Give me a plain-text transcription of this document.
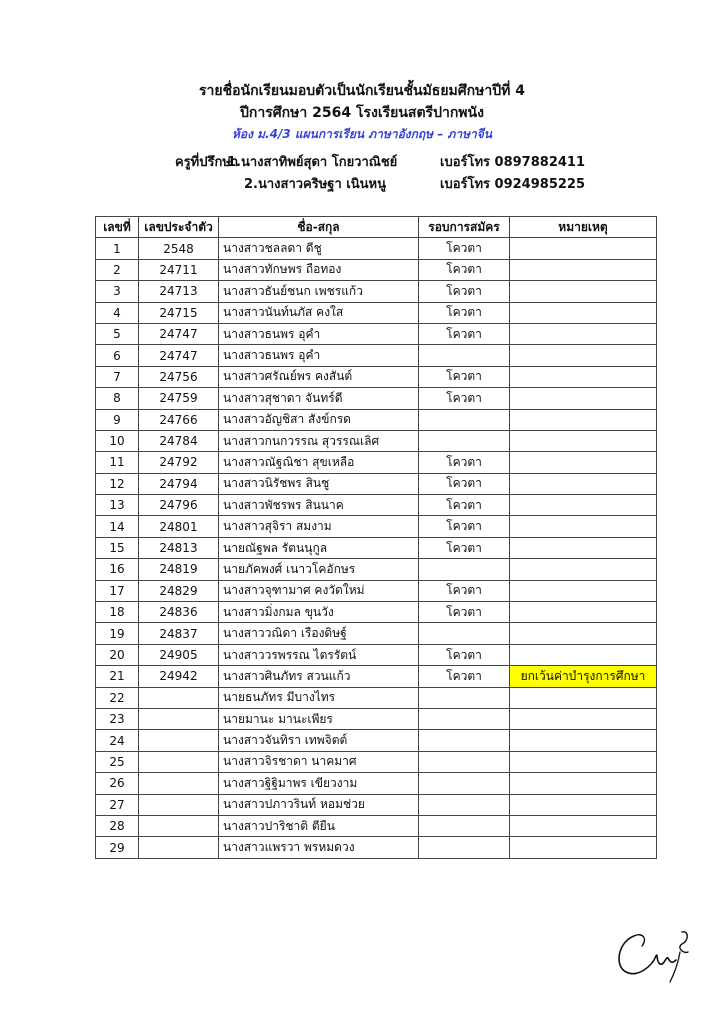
รายชื่อนักเรียนมอบตัวเป็นนักเรียนชั้นมัธยมศึกษาปีที่ 4
ปีการศึกษา 2564 โรงเรียนสตรีปากพนัง
ห้อง ม.4/3 แผนการเรียน ภาษาอังกฤษ – ภาษาจีน
ครูที่ปรึกษา
1.นางสาทิพย์สุดา โกยวาณิชย์	เบอร์โทร 0897882411
2.นางสาวคริษฐา เนินหนู	เบอร์โทร 0924985225
เลขที่	เลขประจำตัว	ชื่อ-สกุล	รอบการสมัคร	หมายเหตุ
1	2548	นางสาวชลลดา ดีชู	โควตา	
2	24711	นางสาวทักษพร ถือทอง	โควตา	
3	24713	นางสาวธันย์ชนก เพชรแก้ว	โควตา	
4	24715	นางสาวนันท์นภัส คงใส	โควตา	
5	24747	นางสาวธนพร อุคำ	โควตา	
6	24747	นางสาวธนพร อุคำ		
7	24756	นางสาวศรัณย์พร คงสันต์	โควตา	
8	24759	นางสาวสุชาดา จันทร์ดี	โควตา	
9	24766	นางสาวอัญชิสา สังข์กรด		
10	24784	นางสาวกนกวรรณ สุวรรณเลิศ		
11	24792	นางสาวณัฐณิชา สุขเหลือ	โควตา	
12	24794	นางสาวนิรัชพร สินชู	โควตา	
13	24796	นางสาวพัชรพร สินนาค	โควตา	
14	24801	นางสาวสุจิรา สมงาม	โควตา	
15	24813	นายณัฐพล รัตนนุกูล	โควตา	
16	24819	นายภัคพงศ์ เนาวโคอักษร		
17	24829	นางสาวจุฑามาศ คงวัดใหม่	โควตา	
18	24836	นางสาวมิ่งกมล ขุนวัง	โควตา	
19	24837	นางสาววณิดา เรืองดิษฐ์		
20	24905	นางสาววรพรรณ ไตรรัตน์	โควตา	
21	24942	นางสาวศินภัทร สวนแก้ว	โควตา	ยกเว้นค่าบำรุงการศึกษา
22		นายธนภัทร มีบางไทร		
23		นายมานะ มานะเพียร		
24		นางสาวจันทิรา เทพจิตต์		
25		นางสาวจิรชาดา นาคมาศ		
26		นางสาวฐิฐิมาพร เขียวงาม		
27		นางสาวปภาวรินท์ หอมช่วย		
28		นางสาวปาริชาติ ตียืน		
29		นางสาวแพรวา พรหมดวง		
